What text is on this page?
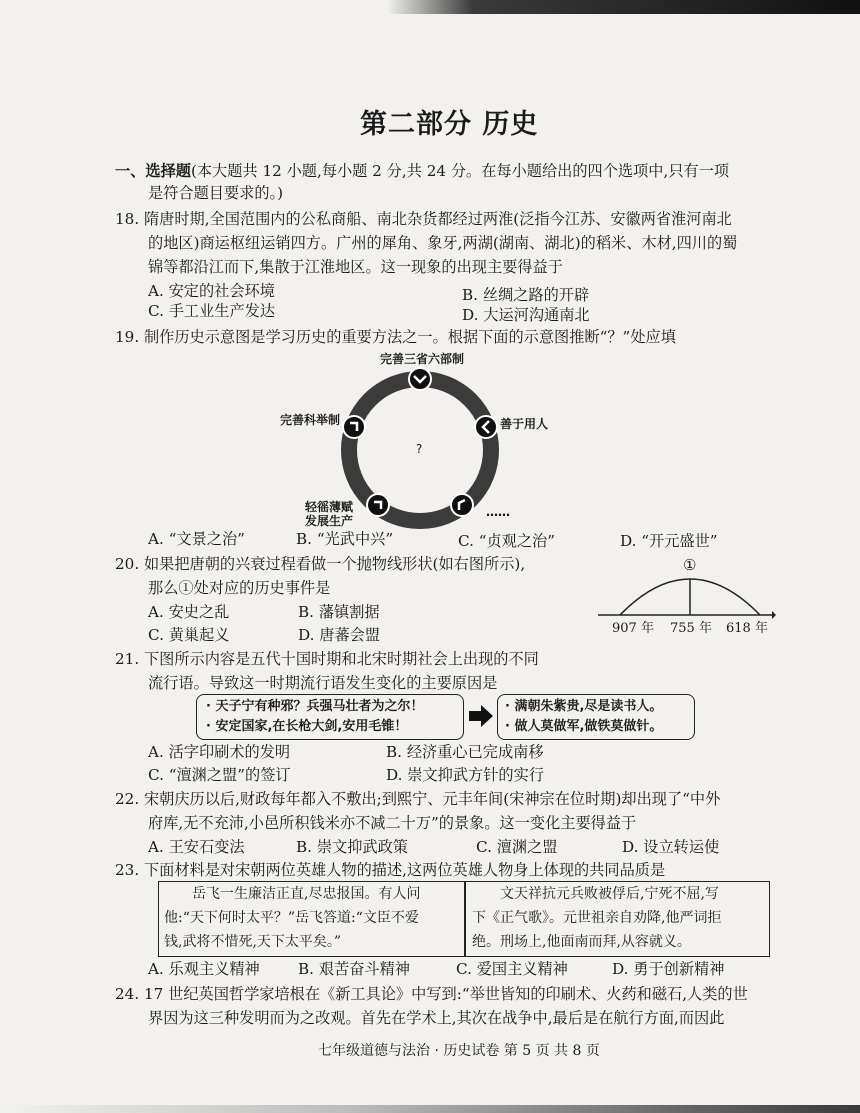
第二部分 历史
一、选择题(本大题共 12 小题,每小题 2 分,共 24 分。在每小题给出的四个选项中,只有一项
是符合题目要求的。)
18. 隋唐时期,全国范围内的公私商船、南北杂货都经过两淮(泛指今江苏、安徽两省淮河南北
的地区)商运枢纽运销四方。广州的犀角、象牙,两湖(湖南、湖北)的稻米、木材,四川的蜀
锦等都沿江而下,集散于江淮地区。这一现象的出现主要得益于
A. 安定的社会环境	B. 丝绸之路的开辟
C. 手工业生产发达	D. 大运河沟通南北
19. 制作历史示意图是学习历史的重要方法之一。根据下面的示意图推断“？”处应填
完善三省六部制
善于用人
完善科举制
?
轻徭薄赋
发展生产
……
A. “文景之治”	B. “光武中兴”	C. “贞观之治”	D. “开元盛世”
20. 如果把唐朝的兴衰过程看做一个抛物线形状(如右图所示),
那么①处对应的历史事件是
A. 安史之乱	B. 藩镇割据
C. 黄巢起义	D. 唐蕃会盟
①
907 年 755 年 618 年
21. 下图所示内容是五代十国时期和北宋时期社会上出现的不同
流行语。导致这一时期流行语发生变化的主要原因是
· 天子宁有种邪？兵强马壮者为之尔！
· 安定国家,在长枪大剑,安用毛锥！
· 满朝朱紫贵,尽是读书人。
· 做人莫做军,做铁莫做针。
A. 活字印刷术的发明	B. 经济重心已完成南移
C. “澶渊之盟”的签订	D. 崇文抑武方针的实行
22. 宋朝庆历以后,财政每年都入不敷出;到熙宁、元丰年间(宋神宗在位时期)却出现了“中外
府库,无不充沛,小邑所积钱米亦不减二十万”的景象。这一变化主要得益于
A. 王安石变法	B. 崇文抑武政策	C. 澶渊之盟	D. 设立转运使
23. 下面材料是对宋朝两位英雄人物的描述,这两位英雄人物身上体现的共同品质是
岳飞一生廉洁正直,尽忠报国。有人问
他:“天下何时太平？”岳飞答道:“文臣不爱
钱,武将不惜死,天下太平矣。”
文天祥抗元兵败被俘后,宁死不屈,写
下《正气歌》。元世祖亲自劝降,他严词拒
绝。刑场上,他面南而拜,从容就义。
A. 乐观主义精神	B. 艰苦奋斗精神	C. 爱国主义精神	D. 勇于创新精神
24. 17 世纪英国哲学家培根在《新工具论》中写到:“举世皆知的印刷术、火药和磁石,人类的世
界因为这三种发明而为之改观。首先在学术上,其次在战争中,最后是在航行方面,而因此
七年级道德与法治 · 历史试卷 第 5 页 共 8 页
